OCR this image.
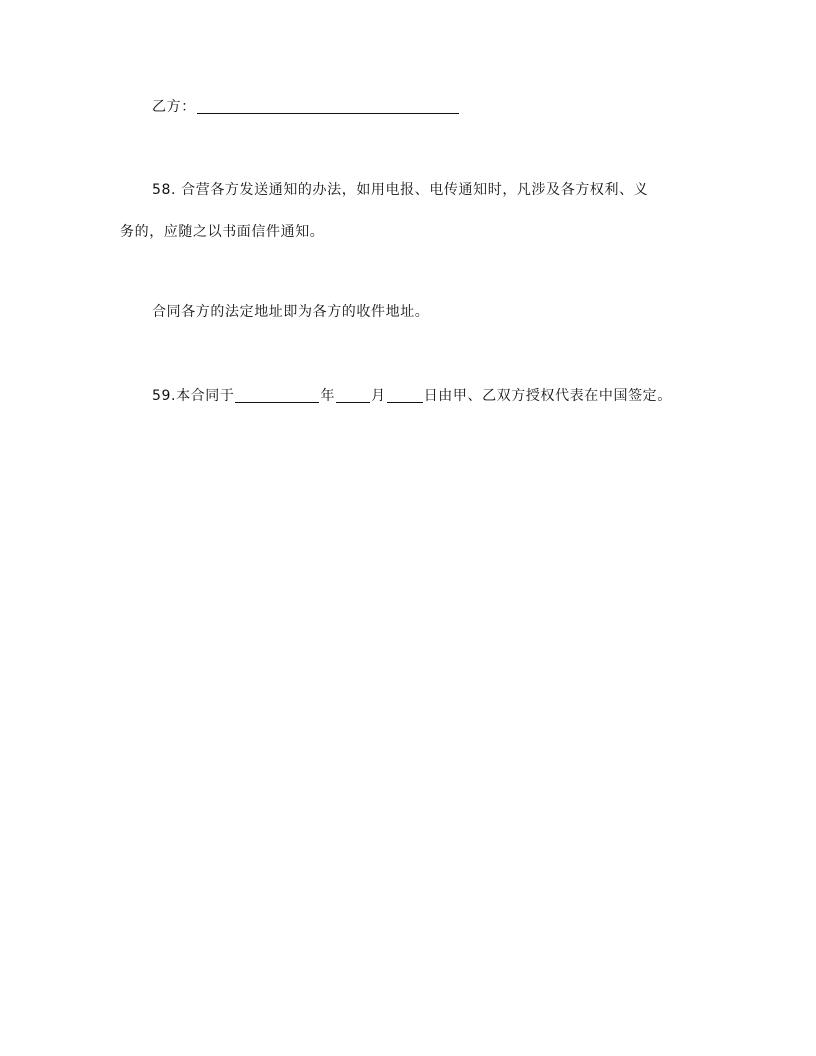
乙方：
58. 合营各方发送通知的办法，如用电报、电传通知时，凡涉及各方权利、义
务的，应随之以书面信件通知。
合同各方的法定地址即为各方的收件地址。
59.本合同于	年	月	日由甲、乙双方授权代表在中国签定。
